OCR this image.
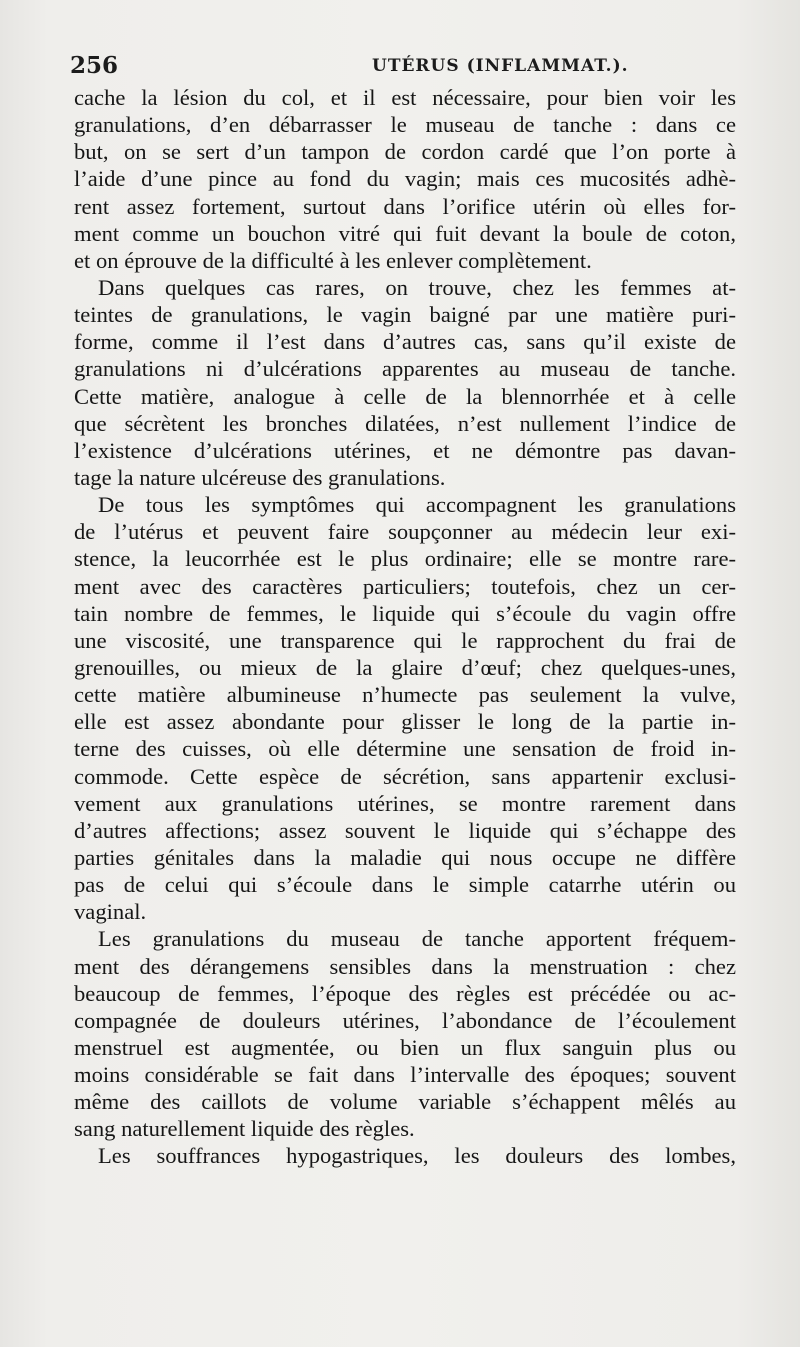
256	UTÉRUS (INFLAMMAT.).
cache la lésion du col, et il est nécessaire, pour bien voir les
granulations, d’en débarrasser le museau de tanche : dans ce
but, on se sert d’un tampon de cordon cardé que l’on porte à
l’aide d’une pince au fond du vagin; mais ces mucosités adhè-
rent assez fortement, surtout dans l’orifice utérin où elles for-
ment comme un bouchon vitré qui fuit devant la boule de coton,
et on éprouve de la difficulté à les enlever complètement.
Dans quelques cas rares, on trouve, chez les femmes at-
teintes de granulations, le vagin baigné par une matière puri-
forme, comme il l’est dans d’autres cas, sans qu’il existe de
granulations ni d’ulcérations apparentes au museau de tanche.
Cette matière, analogue à celle de la blennorrhée et à celle
que sécrètent les bronches dilatées, n’est nullement l’indice de
l’existence d’ulcérations utérines, et ne démontre pas davan-
tage la nature ulcéreuse des granulations.
De tous les symptômes qui accompagnent les granulations
de l’utérus et peuvent faire soupçonner au médecin leur exi-
stence, la leucorrhée est le plus ordinaire; elle se montre rare-
ment avec des caractères particuliers; toutefois, chez un cer-
tain nombre de femmes, le liquide qui s’écoule du vagin offre
une viscosité, une transparence qui le rapprochent du frai de
grenouilles, ou mieux de la glaire d’œuf; chez quelques-unes,
cette matière albumineuse n’humecte pas seulement la vulve,
elle est assez abondante pour glisser le long de la partie in-
terne des cuisses, où elle détermine une sensation de froid in-
commode. Cette espèce de sécrétion, sans appartenir exclusi-
vement aux granulations utérines, se montre rarement dans
d’autres affections; assez souvent le liquide qui s’échappe des
parties génitales dans la maladie qui nous occupe ne diffère
pas de celui qui s’écoule dans le simple catarrhe utérin ou
vaginal.
Les granulations du museau de tanche apportent fréquem-
ment des dérangemens sensibles dans la menstruation : chez
beaucoup de femmes, l’époque des règles est précédée ou ac-
compagnée de douleurs utérines, l’abondance de l’écoulement
menstruel est augmentée, ou bien un flux sanguin plus ou
moins considérable se fait dans l’intervalle des époques; souvent
même des caillots de volume variable s’échappent mêlés au
sang naturellement liquide des règles.
Les souffrances hypogastriques, les douleurs des lombes,
